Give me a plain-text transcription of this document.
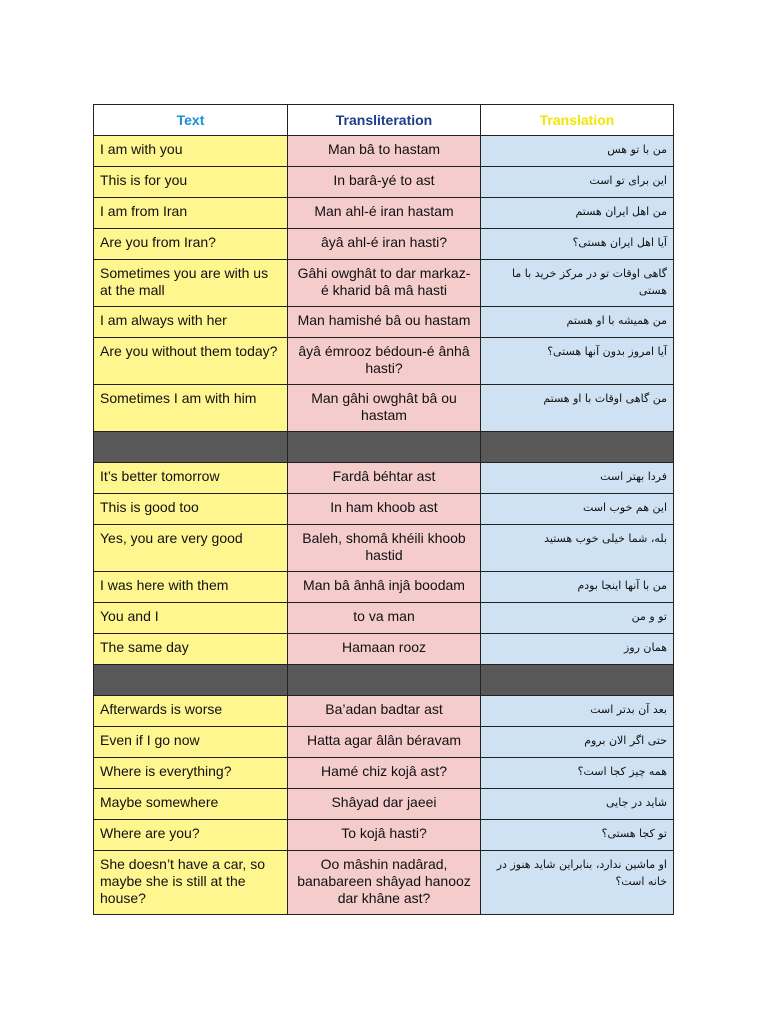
Text	Transliteration	Translation
I am with you	Man bâ to hastam	من با تو هس
This is for you	In barâ-yé to ast	این برای تو است
I am from Iran	Man ahl-é iran hastam	من اهل ایران هستم
Are you from Iran?	âyâ ahl-é iran hasti?	آیا اهل ایران هستی؟
Sometimes you are with us at the mall	Gâhi owghât to dar markaz-é kharid bâ mâ hasti	گاهی اوقات تو در مرکز خرید با ما هستی
I am always with her	Man hamishé bâ ou hastam	من همیشه با او هستم
Are you without them today?	âyâ émrooz bédoun-é ânhâ hasti?	آیا امروز بدون آنها هستی؟
Sometimes I am with him	Man gâhi owghât bâ ou hastam	من گاهی اوقات با او هستم

It’s better tomorrow	Fardâ béhtar ast	فردا بهتر است
This is good too	In ham khoob ast	این هم خوب است
Yes, you are very good	Baleh, shomâ khéili khoob hastid	بله، شما خیلی خوب هستید
I was here with them	Man bâ ânhâ injâ boodam	من با آنها اینجا بودم
You and I	to va man	تو و من
The same day	Hamaan rooz	همان روز

Afterwards is worse	Ba’adan badtar ast	بعد آن بدتر است
Even if I go now	Hatta agar âlân béravam	حتی اگر الان بروم
Where is everything?	Hamé chiz kojâ ast?	همه چیز کجا است؟
Maybe somewhere	Shâyad dar jaeei	شاید در جایی
Where are you?	To kojâ hasti?	تو کجا هستی؟
She doesn’t have a car, so maybe she is still at the house?	Oo mâshin nadârad, banabareen shâyad hanooz dar khâne ast?	او ماشین ندارد، بنابراین شاید هنوز در خانه است؟
